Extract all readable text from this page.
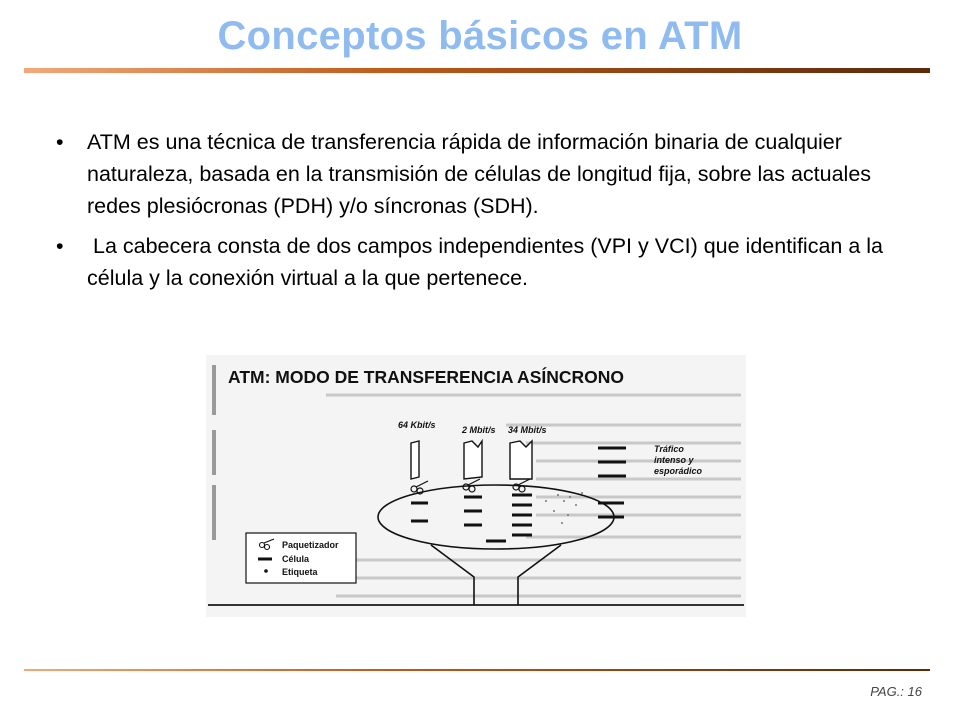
Conceptos básicos en ATM
• ATM es una técnica de transferencia rápida de información binaria de cualquier naturaleza, basada en la transmisión de células de longitud fija, sobre las actuales redes plesiócronas (PDH) y/o síncronas (SDH).
• La cabecera consta de dos campos independientes (VPI y VCI) que identifican a la célula y la conexión virtual a la que pertenece.
ATM: MODO DE TRANSFERENCIA ASÍNCRONO
64 Kbit/s	2 Mbit/s 34 Mbit/s
Tráfico
intenso y
esporádico
Paquetizador
Célula
Etiqueta
PAG.: 16
